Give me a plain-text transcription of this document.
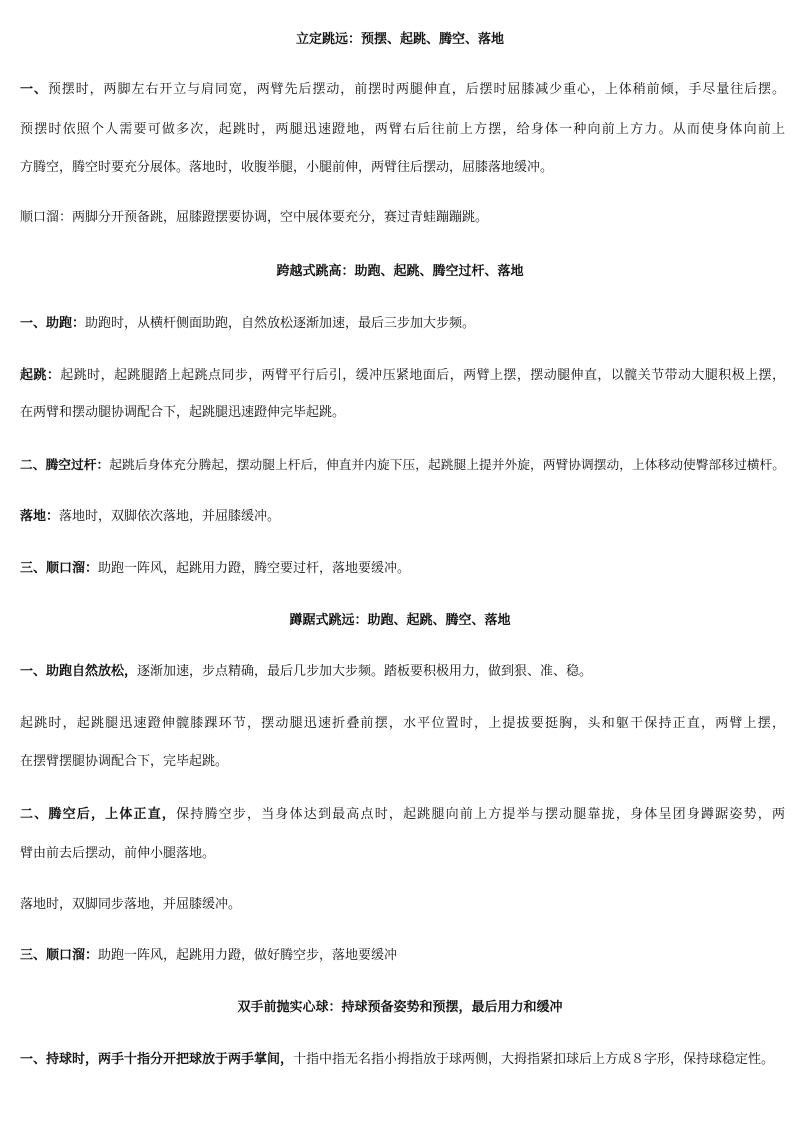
立定跳远：预摆、起跳、腾空、落地
一、预摆时，两脚左右开立与肩同宽，两臂先后摆动，前摆时两腿伸直，后摆时屈膝减少重心，上体稍前倾，手尽量往后摆。
预摆时依照个人需要可做多次，起跳时，两腿迅速蹬地，两臂右后往前上方摆，给身体一种向前上方力。从而使身体向前上
方腾空，腾空时要充分展体。落地时，收腹举腿，小腿前伸，两臂往后摆动，屈膝落地缓冲。
顺口溜：两脚分开预备跳，屈膝蹬摆要协调，空中展体要充分，赛过青蛙蹦蹦跳。
跨越式跳高：助跑、起跳、腾空过杆、落地
一、助跑：助跑时，从横杆侧面助跑，自然放松逐渐加速，最后三步加大步频。
起跳：起跳时，起跳腿踏上起跳点同步，两臂平行后引，缓冲压紧地面后，两臂上摆，摆动腿伸直，以髋关节带动大腿积极上摆，
在两臂和摆动腿协调配合下，起跳腿迅速蹬伸完毕起跳。
二、腾空过杆：起跳后身体充分腾起，摆动腿上杆后，伸直并内旋下压，起跳腿上提并外旋，两臂协调摆动，上体移动使臀部移过横杆。
落地：落地时，双脚依次落地，并屈膝缓冲。
三、顺口溜：助跑一阵风，起跳用力蹬，腾空要过杆，落地要缓冲。
蹲踞式跳远：助跑、起跳、腾空、落地
一、助跑自然放松，逐渐加速，步点精确，最后几步加大步频。踏板要积极用力，做到狠、准、稳。
起跳时，起跳腿迅速蹬伸髋膝踝环节，摆动腿迅速折叠前摆，水平位置时，上提拔要挺胸，头和躯干保持正直，两臂上摆，
在摆臂摆腿协调配合下，完毕起跳。
二、腾空后，上体正直，保持腾空步，当身体达到最高点时，起跳腿向前上方提举与摆动腿靠拢，身体呈团身蹲踞姿势，两
臂由前去后摆动，前伸小腿落地。
落地时，双脚同步落地，并屈膝缓冲。
三、顺口溜：助跑一阵风，起跳用力蹬，做好腾空步，落地要缓冲
双手前抛实心球：持球预备姿势和预摆，最后用力和缓冲
一、持球时，两手十指分开把球放于两手掌间，十指中指无名指小拇指放于球两侧，大拇指紧扣球后上方成８字形，保持球稳定性。
